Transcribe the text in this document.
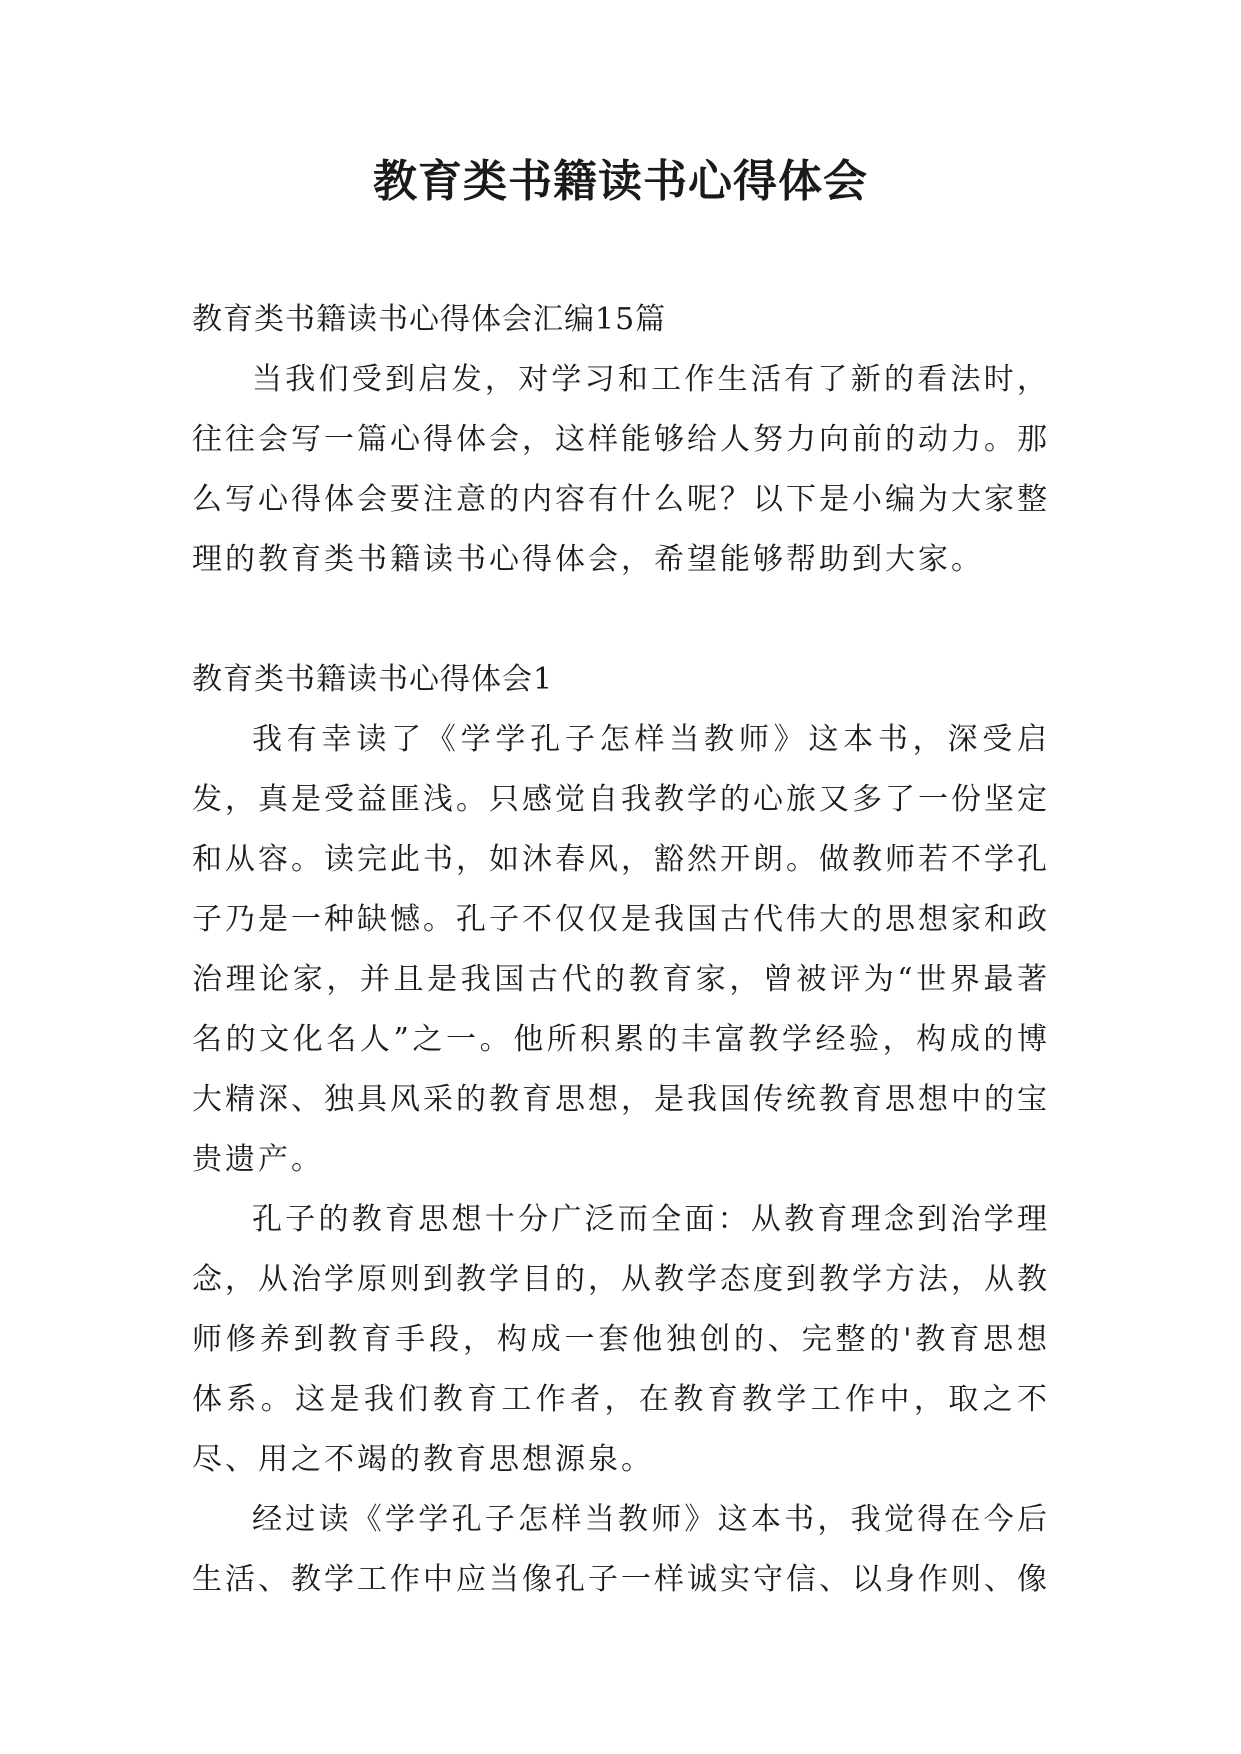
教育类书籍读书心得体会

教育类书籍读书心得体会汇编15篇

当我们受到启发，对学习和工作生活有了新的看法时，往往会写一篇心得体会，这样能够给人努力向前的动力。那么写心得体会要注意的内容有什么呢？以下是小编为大家整理的教育类书籍读书心得体会，希望能够帮助到大家。

教育类书籍读书心得体会1

我有幸读了《学学孔子怎样当教师》这本书，深受启发，真是受益匪浅。只感觉自我教学的心旅又多了一份坚定和从容。读完此书，如沐春风，豁然开朗。做教师若不学孔子乃是一种缺憾。孔子不仅仅是我国古代伟大的思想家和政治理论家，并且是我国古代的教育家，曾被评为“世界最著名的文化名人”之一。他所积累的丰富教学经验，构成的博大精深、独具风采的教育思想，是我国传统教育思想中的宝贵遗产。

孔子的教育思想十分广泛而全面：从教育理念到治学理念，从治学原则到教学目的，从教学态度到教学方法，从教师修养到教育手段，构成一套他独创的、完整的'教育思想体系。这是我们教育工作者，在教育教学工作中，取之不尽、用之不竭的教育思想源泉。

经过读《学学孔子怎样当教师》这本书，我觉得在今后生活、教学工作中应当像孔子一样诚实守信、以身作则、像
